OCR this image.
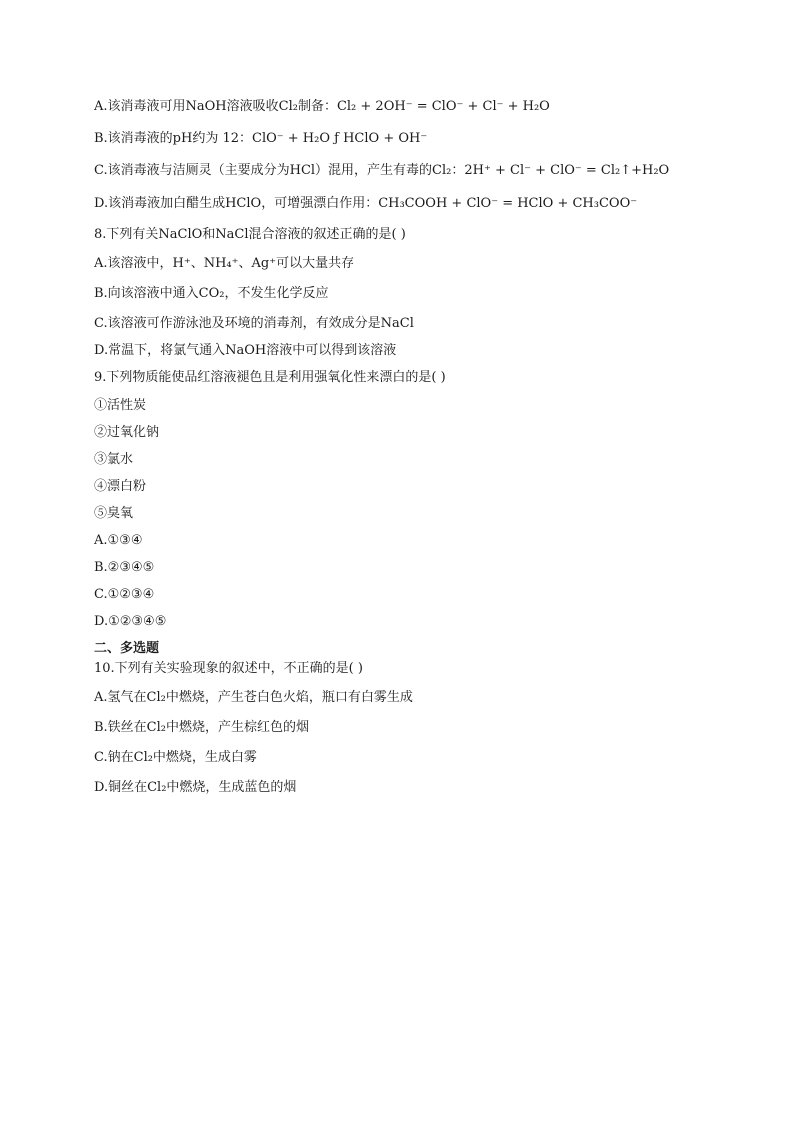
A.该消毒液可用NaOH溶液吸收Cl₂制备：Cl₂ + 2OH⁻ = ClO⁻ + Cl⁻ + H₂O
B.该消毒液的pH约为 12：ClO⁻ + H₂O ƒ HClO + OH⁻
C.该消毒液与洁厕灵（主要成分为HCl）混用，产生有毒的Cl₂：2H⁺ + Cl⁻ + ClO⁻ = Cl₂↑+H₂O
D.该消毒液加白醋生成HClO，可增强漂白作用：CH₃COOH + ClO⁻ = HClO + CH₃COO⁻
8.下列有关NaClO和NaCl混合溶液的叙述正确的是( )
A.该溶液中，H⁺、NH₄⁺、Ag⁺可以大量共存
B.向该溶液中通入CO₂，不发生化学反应
C.该溶液可作游泳池及环境的消毒剂，有效成分是NaCl
D.常温下，将氯气通入NaOH溶液中可以得到该溶液
9.下列物质能使品红溶液褪色且是利用强氧化性来漂白的是( )
①活性炭
②过氧化钠
③氯水
④漂白粉
⑤臭氧
A.①③④
B.②③④⑤
C.①②③④
D.①②③④⑤
二、多选题
10.下列有关实验现象的叙述中，不正确的是( )
A.氢气在Cl₂中燃烧，产生苍白色火焰，瓶口有白雾生成
B.铁丝在Cl₂中燃烧，产生棕红色的烟
C.钠在Cl₂中燃烧，生成白雾
D.铜丝在Cl₂中燃烧，生成蓝色的烟
